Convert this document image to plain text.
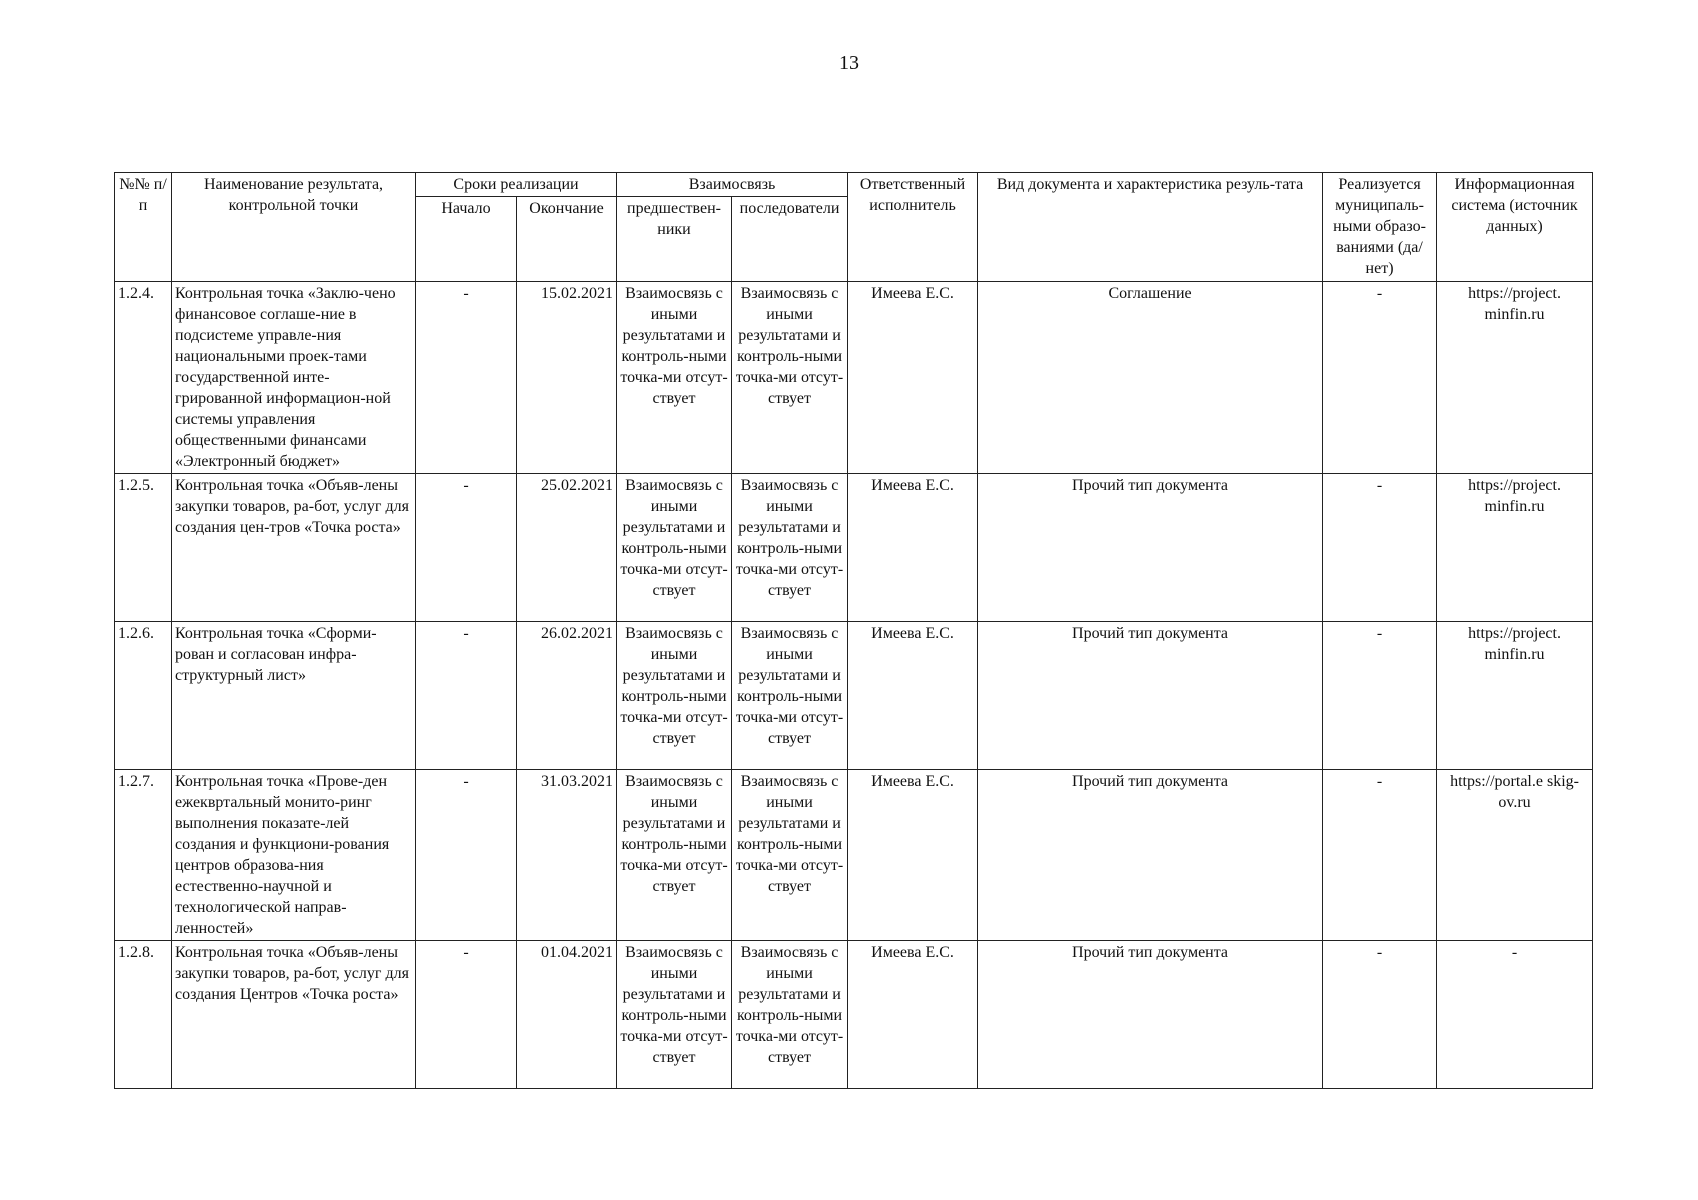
13
№№ п/п	Наименование результата, контрольной точки	Сроки реализации		Взаимосвязь		Ответственный исполнитель	Вид документа и характеристика резуль-тата	Реализуется муниципаль-ными образо-ваниями (да/нет)	Информационная система (источник данных)
		Начало	Окончание	предшествен-ники	последователи				
1.2.4.	Контрольная точка «Заклю-чено финансовое соглаше-ние в подсистеме управле-ния национальными проек-тами государственной инте-грированной информацион-ной системы управления общественными финансами «Электронный бюджет»	-	15.02.2021	Взаимосвязь с иными результатами и контроль-ными точка-ми отсут-ствует	Взаимосвязь с иными результатами и контроль-ными точка-ми отсут-ствует	Имеева Е.С.	Соглашение	-	https://project. minfin.ru
1.2.5.	Контрольная точка «Объяв-лены закупки товаров, ра-бот, услуг для создания цен-тров «Точка роста»	-	25.02.2021	Взаимосвязь с иными результатами и контроль-ными точка-ми отсут-ствует	Взаимосвязь с иными результатами и контроль-ными точка-ми отсут-ствует	Имеева Е.С.	Прочий тип документа	-	https://project. minfin.ru
1.2.6.	Контрольная точка «Сформи-рован и согласован инфра-структурный лист»	-	26.02.2021	Взаимосвязь с иными результатами и контроль-ными точка-ми отсут-ствует	Взаимосвязь с иными результатами и контроль-ными точка-ми отсут-ствует	Имеева Е.С.	Прочий тип документа	-	https://project. minfin.ru
1.2.7.	Контрольная точка «Прове-ден ежеквртальный монито-ринг выполнения показате-лей создания и функциони-рования центров образова-ния естественно-научной и технологической направ-ленностей»	-	31.03.2021	Взаимосвязь с иными результатами и контроль-ными точка-ми отсут-ствует	Взаимосвязь с иными результатами и контроль-ными точка-ми отсут-ствует	Имеева Е.С.	Прочий тип документа	-	https://portal.e skig-ov.ru
1.2.8.	Контрольная точка «Объяв-лены закупки товаров, ра-бот, услуг для создания Центров «Точка роста»	-	01.04.2021	Взаимосвязь с иными результатами и контроль-ными точка-ми отсут-ствует	Взаимосвязь с иными результатами и контроль-ными точка-ми отсут-ствует	Имеева Е.С.	Прочий тип документа	-	-
